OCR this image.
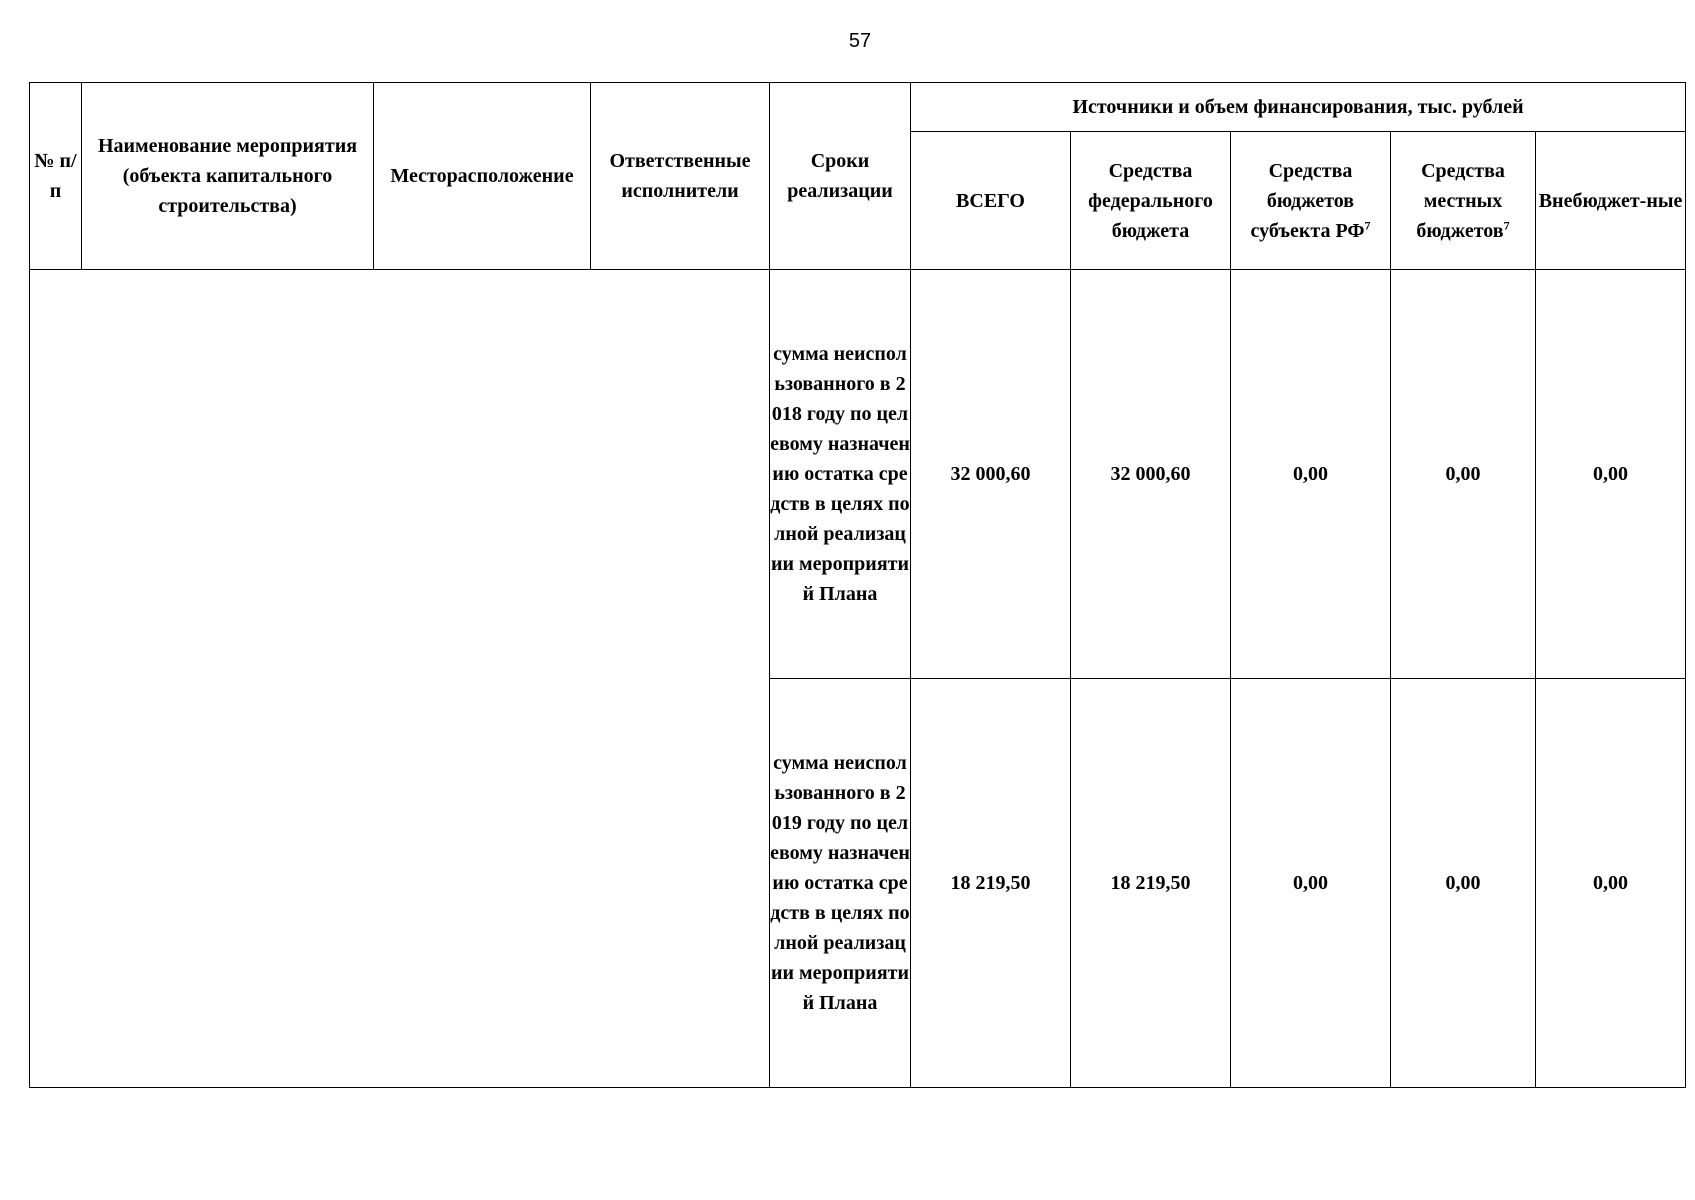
57
№ п/п	Наименование мероприятия (объекта капитального строительства)	Месторасположение	Ответственные исполнители	Сроки реализации	Источники и объем финансирования, тыс. рублей				
					ВСЕГО	Средства федерального бюджета	Средства бюджетов субъекта $РФ^7$	Средства местных бюджетов$^7$	Внебюджет-ные
				сумма неиспользованного в 2018 году по целевому назначению остатка средств в целях полной реализации мероприятий Плана	32 000,60	32 000,60	0,00	0,00	0,00
				сумма неиспользованного в 2019 году по целевому назначению остатка средств в целях полной реализации мероприятий Плана	18 219,50	18 219,50	0,00	0,00	0,00
